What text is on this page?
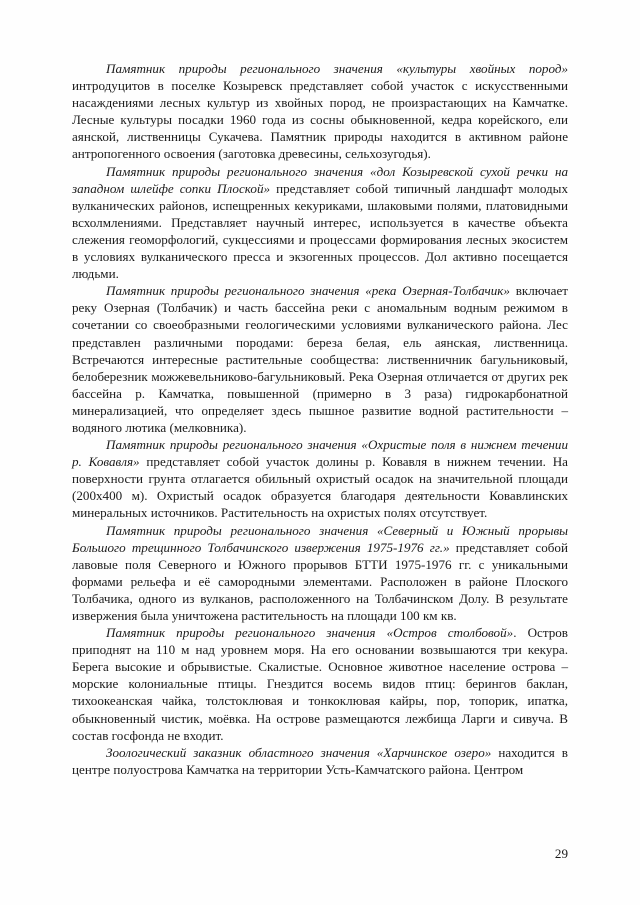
Памятник природы регионального значения «культуры хвойных пород» интродуцитов в поселке Козыревск представляет собой участок с искусственными насаждениями лесных культур из хвойных пород, не произрастающих на Камчатке. Лесные культуры посадки 1960 года из сосны обыкновенной, кедра корейского, ели аянской, лиственницы Сукачева. Памятник природы находится в активном районе антропогенного освоения (заготовка древесины, сельхозугодья).

Памятник природы регионального значения «дол Козыревской сухой речки на западном шлейфе сопки Плоской» представляет собой типичный ландшафт молодых вулканических районов, испещренных кекуриками, шлаковыми полями, платовидными всхолмлениями. Представляет научный интерес, используется в качестве объекта слежения геоморфологий, сукцессиями и процессами формирования лесных экосистем в условиях вулканического пресса и экзогенных процессов. Дол активно посещается людьми.

Памятник природы регионального значения «река Озерная-Толбачик» включает реку Озерная (Толбачик) и часть бассейна реки с аномальным водным режимом в сочетании со своеобразными геологическими условиями вулканического района. Лес представлен различными породами: береза белая, ель аянская, лиственница. Встречаются интересные растительные сообщества: лиственничник багульниковый, белоберезник можжевельниково-багульниковый. Река Озерная отличается от других рек бассейна р. Камчатка, повышенной (примерно в 3 раза) гидрокарбонатной минерализацией, что определяет здесь пышное развитие водной растительности – водяного лютика (мелковника).

Памятник природы регионального значения «Охристые поля в нижнем течении р. Ковавля» представляет собой участок долины р. Ковавля в нижнем течении. На поверхности грунта отлагается обильный охристый осадок на значительной площади (200х400 м). Охристый осадок образуется благодаря деятельности Ковавлинских минеральных источников. Растительность на охристых полях отсутствует.

Памятник природы регионального значения «Северный и Южный прорывы Большого трещинного Толбачинского извержения 1975-1976 гг.» представляет собой лавовые поля Северного и Южного прорывов БТТИ 1975-1976 гг. с уникальными формами рельефа и её самородными элементами. Расположен в районе Плоского Толбачика, одного из вулканов, расположенного на Толбачинском Долу. В результате извержения была уничтожена растительность на площади 100 км кв.

Памятник природы регионального значения «Остров столбовой». Остров приподнят на 110 м над уровнем моря. На его основании возвышаются три кекура. Берега высокие и обрывистые. Скалистые. Основное животное население острова – морские колониальные птицы. Гнездится восемь видов птиц: берингов баклан, тихоокеанская чайка, толстоклювая и тонкоклювая кайры, пор, топорик, ипатка, обыкновенный чистик, моёвка. На острове размещаются лежбища Ларги и сивуча. В состав госфонда не входит.

Зоологический заказник областного значения «Харчинское озеро» находится в центре полуострова Камчатка на территории Усть-Камчатского района. Центром

29
